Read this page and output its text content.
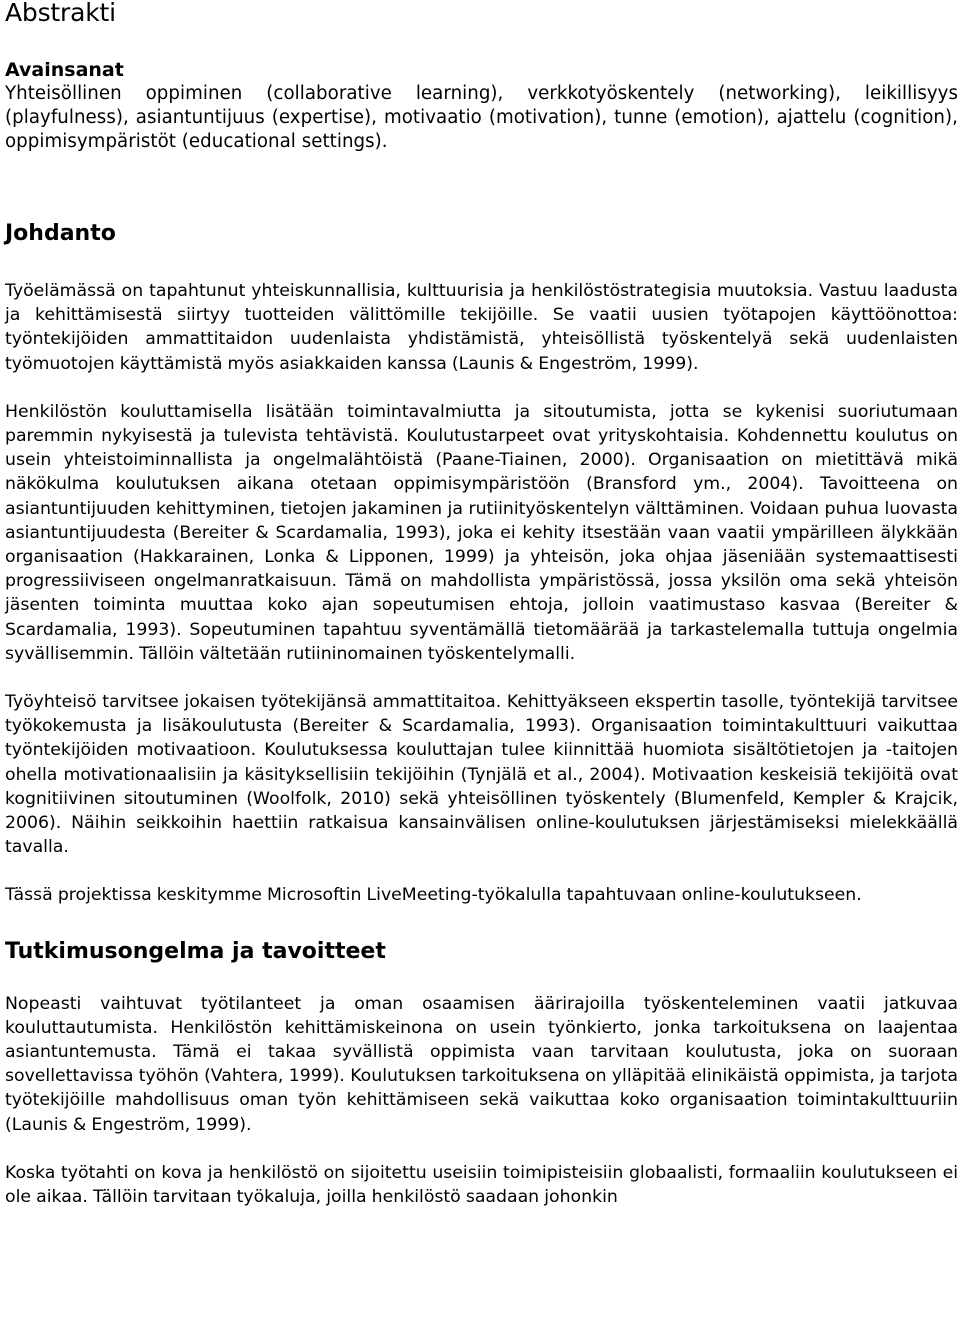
Abstrakti
Avainsanat
Yhteisöllinen oppiminen (collaborative learning), verkkotyöskentely (networking), leikillisyys (playfulness), asiantuntijuus (expertise), motivaatio (motivation), tunne (emotion), ajattelu (cognition), oppimisympäristöt (educational settings).
Johdanto

Työelämässä on tapahtunut yhteiskunnallisia, kulttuurisia ja henkilöstöstrategisia muutoksia. Vastuu laadusta ja kehittämisestä siirtyy tuotteiden välittömille tekijöille. Se vaatii uusien työtapojen käyttöönottoa: työntekijöiden ammattitaidon uudenlaista yhdistämistä, yhteisöllistä työskentelyä sekä uudenlaisten työmuotojen käyttämistä myös asiakkaiden kanssa (Launis & Engeström, 1999).

Henkilöstön kouluttamisella lisätään toimintavalmiutta ja sitoutumista, jotta se kykenisi suoriutumaan paremmin nykyisestä ja tulevista tehtävistä. Koulutustarpeet ovat yrityskohtaisia. Kohdennettu koulutus on usein yhteistoiminnallista ja ongelmalähtöistä (Paane-Tiainen, 2000). Organisaation on mietittävä mikä näkökulma koulutuksen aikana otetaan oppimisympäristöön (Bransford ym., 2004). Tavoitteena on asiantuntijuuden kehittyminen, tietojen jakaminen ja rutiinityöskentelyn välttäminen. Voidaan puhua luovasta asiantuntijuudesta (Bereiter & Scardamalia, 1993), joka ei kehity itsestään vaan vaatii ympärilleen älykkään organisaation (Hakkarainen, Lonka & Lipponen, 1999) ja yhteisön, joka ohjaa jäseniään systemaattisesti progressiiviseen ongelmanratkaisuun. Tämä on mahdollista ympäristössä, jossa yksilön oma sekä yhteisön jäsenten toiminta muuttaa koko ajan sopeutumisen ehtoja, jolloin vaatimustaso kasvaa (Bereiter & Scardamalia, 1993). Sopeutuminen tapahtuu syventämällä tietomäärää ja tarkastelemalla tuttuja ongelmia syvällisemmin. Tällöin vältetään rutiininomainen työskentelymalli.

Työyhteisö tarvitsee jokaisen työtekijänsä ammattitaitoa. Kehittyäkseen ekspertin tasolle, työntekijä tarvitsee työkokemusta ja lisäkoulutusta (Bereiter & Scardamalia, 1993). Organisaation toimintakulttuuri vaikuttaa työntekijöiden motivaatioon. Koulutuksessa kouluttajan tulee kiinnittää huomiota sisältötietojen ja -taitojen ohella motivationaalisiin ja käsityksellisiin tekijöihin (Tynjälä et al., 2004). Motivaation keskeisiä tekijöitä ovat kognitiivinen sitoutuminen (Woolfolk, 2010) sekä yhteisöllinen työskentely (Blumenfeld, Kempler & Krajcik, 2006). Näihin seikkoihin haettiin ratkaisua kansainvälisen online-koulutuksen järjestämiseksi mielekkäällä tavalla.

Tässä projektissa keskitymme Microsoftin LiveMeeting-työkalulla tapahtuvaan online-koulutukseen.

Tutkimusongelma ja tavoitteet

Nopeasti vaihtuvat työtilanteet ja oman osaamisen äärirajoilla työskenteleminen vaatii jatkuvaa kouluttautumista. Henkilöstön kehittämiskeinona on usein työnkierto, jonka tarkoituksena on laajentaa asiantuntemusta. Tämä ei takaa syvällistä oppimista vaan tarvitaan koulutusta, joka on suoraan sovellettavissa työhön (Vahtera, 1999). Koulutuksen tarkoituksena on ylläpitää elinikäistä oppimista, ja tarjota työtekijöille mahdollisuus oman työn kehittämiseen sekä vaikuttaa koko organisaation toimintakulttuuriin (Launis & Engeström, 1999).

Koska työtahti on kova ja henkilöstö on sijoitettu useisiin toimipisteisiin globaalisti, formaaliin koulutukseen ei ole aikaa. Tällöin tarvitaan työkaluja, joilla henkilöstö saadaan johonkin
